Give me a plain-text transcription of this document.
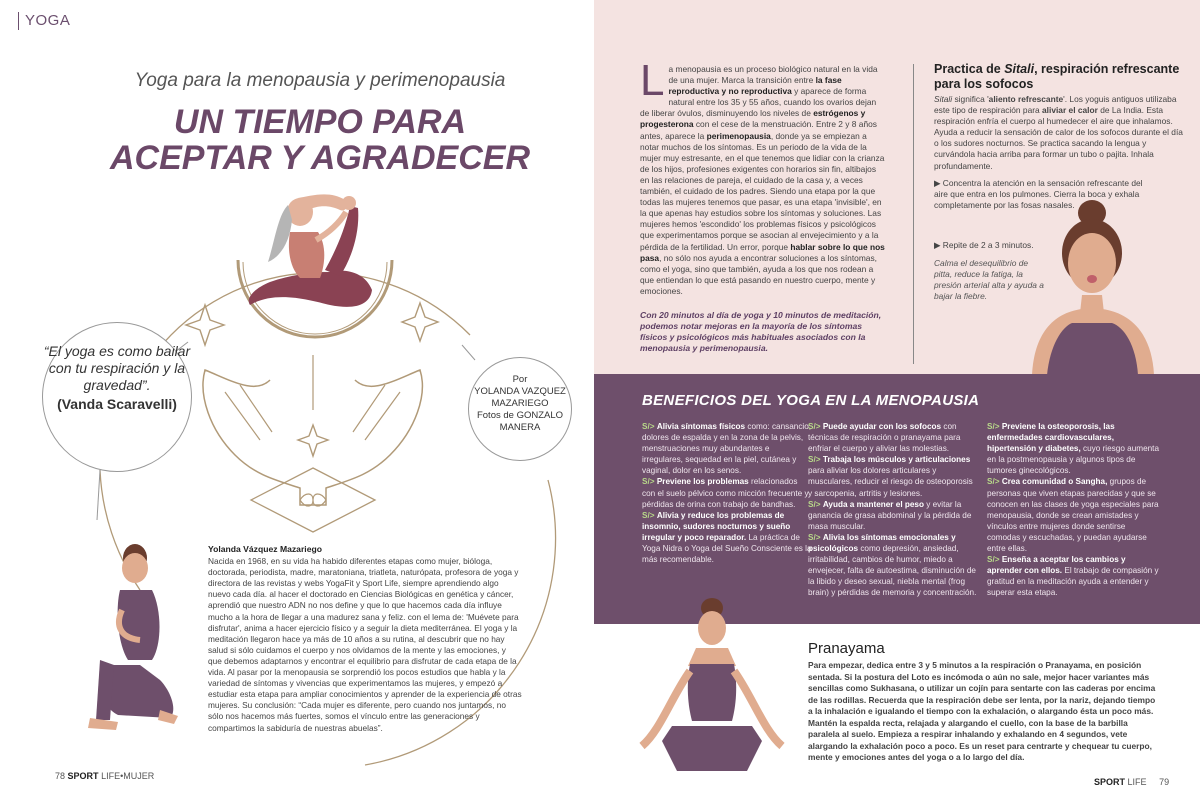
YOGA
Yoga para la menopausia y perimenopausia
UN TIEMPO PARA
ACEPTAR Y AGRADECER
“El yoga es como bailar con tu respiración y la gravedad”.
(Vanda Scaravelli)
Por
YOLANDA VAZQUEZ MAZARIEGO
Fotos de GONZALO MANERA
Yolanda Vázquez Mazariego
Nacida en 1968, en su vida ha habido diferentes etapas como mujer, bióloga, doctorada, periodista, madre, maratoniana, triatleta, naturópata, profesora de yoga y directora de las revistas y webs YogaFit y Sport Life, siempre aprendiendo algo nuevo cada día. al hacer el doctorado en Ciencias Biológicas en genética y cáncer, aprendió que nuestro ADN no nos define y que lo que hacemos cada día influye mucho a la hora de llegar a una madurez sana y feliz. con el lema de: 'Muévete para disfrutar', anima a hacer ejercicio físico y a seguir la dieta mediterránea. El yoga y la meditación llegaron hace ya más de 10 años a su rutina, al descubrir que no hay salud si sólo cuidamos el cuerpo y nos olvidamos de la mente y las emociones, y que debemos adaptarnos y encontrar el equilibrio para disfrutar de cada etapa de la vida. Al pasar por la menopausia se sorprendió los pocos estudios que habla y la variedad de síntomas y vivencias que experimentamos las mujeres, y empezó a estudiar esta etapa para ampliar conocimientos y aprender de la experiencia de otras mujeres. Su conclusión: “Cada mujer es diferente, pero cuando nos juntamos, no sólo nos hacemos más fuertes, somos el vínculo entre las generaciones y compartimos la sabiduría de nuestras abuelas”.
78 SPORT LIFE•MUJER
La menopausia es un proceso biológico natural en la vida de una mujer. Marca la transición entre la fase reproductiva y no reproductiva y aparece de forma natural entre los 35 y 55 años, cuando los ovarios dejan de liberar óvulos, disminuyendo los niveles de estrógenos y progesterona con el cese de la menstruación. Entre 2 y 8 años antes, aparece la perimenopausia, donde ya se empiezan a notar muchos de los síntomas. Es un periodo de la vida de la mujer muy estresante, en el que tenemos que lidiar con la crianza de los hijos, profesiones exigentes con horarios sin fin, altibajos en las relaciones de pareja, el cuidado de la casa y, a veces también, el cuidado de los padres. Siendo una etapa por la que todas las mujeres tenemos que pasar, es una etapa 'invisible', en la que apenas hay estudios sobre los síntomas y soluciones. Las mujeres hemos 'escondido' los problemas físicos y psicológicos que experimentamos porque se asocian al envejecimiento y a la pérdida de la fertilidad. Un error, porque hablar sobre lo que nos pasa, no sólo nos ayuda a encontrar soluciones a los síntomas, como el yoga, sino que también, ayuda a los que nos rodean a que entiendan lo que está pasando en nuestro cuerpo, mente y emociones.
Con 20 minutos al día de yoga y 10 minutos de meditación, podemos notar mejoras en la mayoría de los síntomas físicos y psicológicos más habituales asociados con la menopausia y perimenopausia.
Practica de Sitali, respiración refrescante para los sofocos
Sitali significa 'aliento refrescante'. Los yoguis antiguos utilizaba este tipo de respiración para aliviar el calor de La India. Esta respiración enfría el cuerpo al humedecer el aire que inhalamos. Ayuda a reducir la sensación de calor de los sofocos durante el día o los sudores nocturnos. Se practica sacando la lengua y curvándola hacia arriba para formar un tubo o pajita. Inhala profundamente.
▶ Concentra la atención en la sensación refrescante del aire que entra en los pulmones. Cierra la boca y exhala completamente por las fosas nasales.
▶ Repite de 2 a 3 minutos.
Calma el desequilibrio de pitta, reduce la fatiga, la presión arterial alta y ayuda a bajar la fiebre.
BENEFICIOS DEL YOGA EN LA MENOPAUSIA
S/> Alivia síntomas físicos como: cansancio, dolores de espalda y en la zona de la pelvis, menstruaciones muy abundantes e irregulares, sequedad en la piel, cutánea y vaginal, dolor en los senos.
S/> Previene los problemas relacionados con el suelo pélvico como micción frecuente y pérdidas de orina con trabajo de bandhas.
S/> Alivia y reduce los problemas de insomnio, sudores nocturnos y sueño irregular y poco reparador. La práctica de Yoga Nidra o Yoga del Sueño Consciente es la más recomendable.
S/> Puede ayudar con los sofocos con técnicas de respiración o pranayama para enfriar el cuerpo y aliviar las molestias.
S/> Trabaja los músculos y articulaciones para aliviar los dolores articulares y musculares, reducir el riesgo de osteoporosis y sarcopenia, artritis y lesiones.
S/> Ayuda a mantener el peso y evitar la ganancia de grasa abdominal y la pérdida de masa muscular.
S/> Alivia los síntomas emocionales y psicológicos como depresión, ansiedad, irritabilidad, cambios de humor, miedo a envejecer, falta de autoestima, disminución de la libido y deseo sexual, niebla mental (frog brain) y pérdidas de memoria y concentración.
S/> Previene la osteoporosis, las enfermedades cardiovasculares, hipertensión y diabetes, cuyo riesgo aumenta en la postmenopausia y algunos tipos de tumores ginecológicos.
S/> Crea comunidad o Sangha, grupos de personas que viven etapas parecidas y que se conocen en las clases de yoga especiales para menopausia, donde se crean amistades y vínculos entre mujeres donde sentirse comodas y escuchadas, y puedan ayudarse entre ellas.
S/> Enseña a aceptar los cambios y aprender con ellos. El trabajo de compasión y gratitud en la meditación ayuda a entender y superar esta etapa.
Pranayama
Para empezar, dedica entre 3 y 5 minutos a la respiración o Pranayama, en posición sentada. Si la postura del Loto es incómoda o aún no sale, mejor hacer variantes más sencillas como Sukhasana, o utilizar un cojín para sentarte con las caderas por encima de las rodillas. Recuerda que la respiración debe ser lenta, por la nariz, dejando tiempo a la inhalación e igualando el tiempo con la exhalación, o alargando ésta un poco más. Mantén la espalda recta, relajada y alargando el cuello, con la base de la barbilla paralela al suelo. Empieza a respirar inhalando y exhalando en 4 segundos, vete alargando la exhalación poco a poco. Es un reset para centrarte y chequear tu cuerpo, mente y emociones antes del yoga o a lo largo del día.
SPORT LIFE 79
